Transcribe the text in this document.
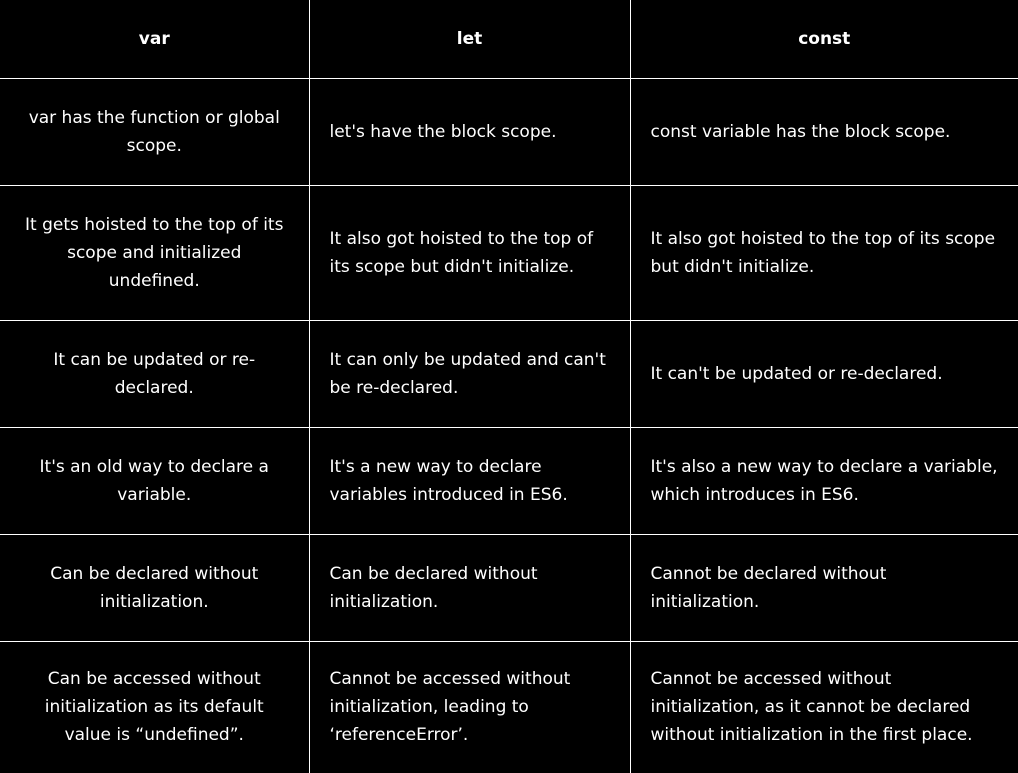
var	let	const
var has the function or global scope.	let's have the block scope.	const variable has the block scope.
It gets hoisted to the top of its scope and initialized undefined.	It also got hoisted to the top of its scope but didn't initialize.	It also got hoisted to the top of its scope but didn't initialize.
It can be updated or re-declared.	It can only be updated and can't be re-declared.	It can't be updated or re-declared.
It's an old way to declare a variable.	It's a new way to declare variables introduced in ES6.	It's also a new way to declare a variable, which introduces in ES6.
Can be declared without initialization.	Can be declared without initialization.	Cannot be declared without initialization.
Can be accessed without initialization as its default value is “undefined”.	Cannot be accessed without initialization, leading to ‘referenceError’.	Cannot be accessed without initialization, as it cannot be declared without initialization in the first place.
